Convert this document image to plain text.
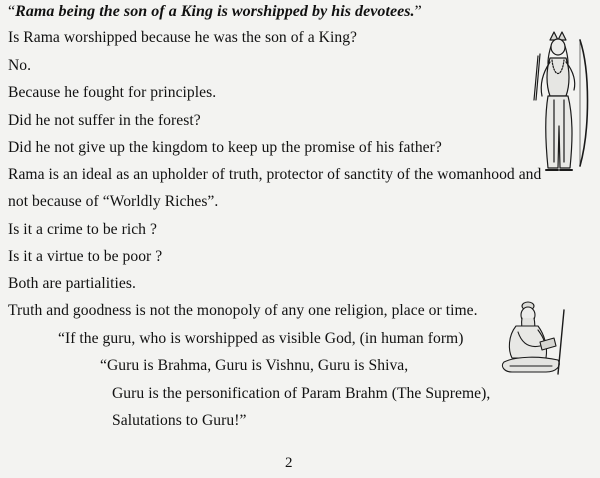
“Rama being the son of a King is worshipped by his devotees.”
Is Rama worshipped because he was the son of a King?
No.
Because he fought for principles.
Did he not suffer in the forest?
Did he not give up the kingdom to keep up the promise of his father?
Rama is an ideal as an upholder of truth, protector of sanctity of the womanhood and
not because of “Worldly Riches”.
Is it a crime to be rich ?
Is it a virtue to be poor ?
Both are partialities.
Truth and goodness is not the monopoly of any one religion, place or time.
“If the guru, who is worshipped as visible God, (in human form)
“Guru is Brahma, Guru is Vishnu, Guru is Shiva,
Guru is the personification of Param Brahm (The Supreme),
Salutations to Guru!”
2
